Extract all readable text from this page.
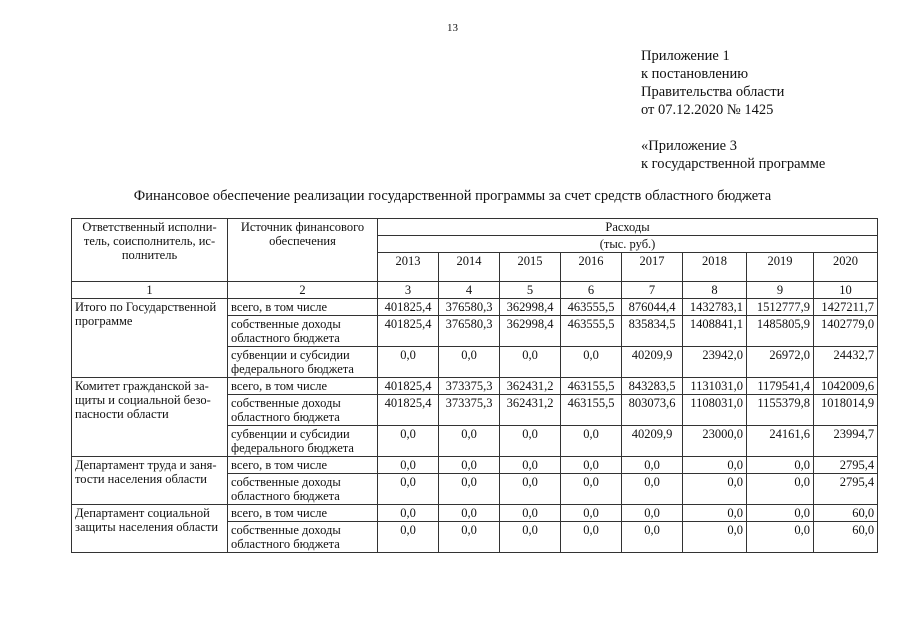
13
Приложение 1
к постановлению
Правительства области
от 07.12.2020 № 1425
«Приложение 3
к государственной программе
Финансовое обеспечение реализации государственной программы за счет средств областного бюджета
Ответственный исполни-тель, соисполнитель, ис-полнитель	Источник финансового обеспечения	Расходы							
		(тыс. руб.)							
		2013	2014	2015	2016	2017	2018	2019	2020
1	2	3	4	5	6	7	8	9	10
Итого по Государственной программе	всего, в том числе	401825,4	376580,3	362998,4	463555,5	876044,4	1432783,1	1512777,9	1427211,7
	собственные доходы областного бюджета	401825,4	376580,3	362998,4	463555,5	835834,5	1408841,1	1485805,9	1402779,0
	субвенции и субсидии федерального бюджета	0,0	0,0	0,0	0,0	40209,9	23942,0	26972,0	24432,7
Комитет гражданской за-щиты и социальной безо-пасности области	всего, в том числе	401825,4	373375,3	362431,2	463155,5	843283,5	1131031,0	1179541,4	1042009,6
	собственные доходы областного бюджета	401825,4	373375,3	362431,2	463155,5	803073,6	1108031,0	1155379,8	1018014,9
	субвенции и субсидии федерального бюджета	0,0	0,0	0,0	0,0	40209,9	23000,0	24161,6	23994,7
Департамент труда и заня-тости населения области	всего, в том числе	0,0	0,0	0,0	0,0	0,0	0,0	0,0	2795,4
	собственные доходы областного бюджета	0,0	0,0	0,0	0,0	0,0	0,0	0,0	2795,4
Департамент социальной защиты населения области	всего, в том числе	0,0	0,0	0,0	0,0	0,0	0,0	0,0	60,0
	собственные доходы областного бюджета	0,0	0,0	0,0	0,0	0,0	0,0	0,0	60,0
